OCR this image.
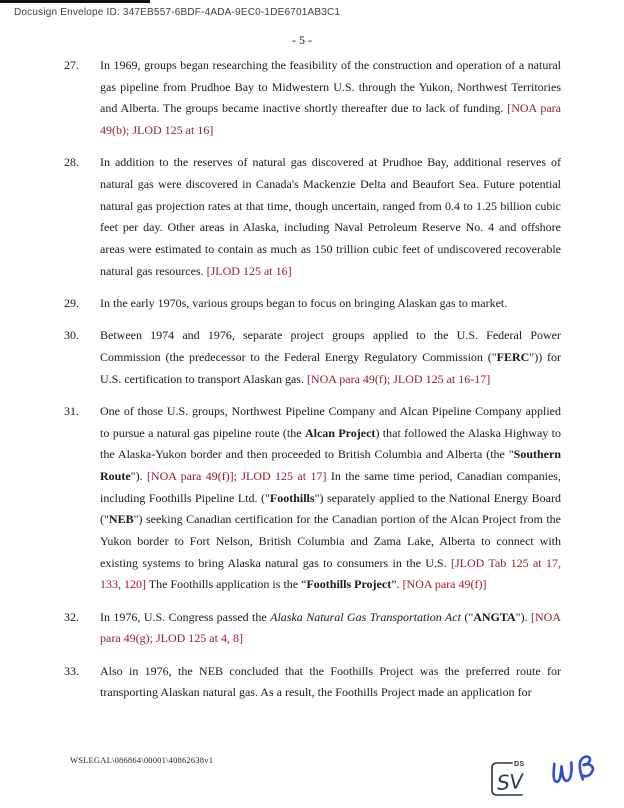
Docusign Envelope ID: 347EB557-6BDF-4ADA-9EC0-1DE6701AB3C1
- 5 -
27.	In 1969, groups began researching the feasibility of the construction and operation of a natural gas pipeline from Prudhoe Bay to Midwestern U.S. through the Yukon, Northwest Territories and Alberta. The groups became inactive shortly thereafter due to lack of funding. [NOA para 49(b); JLOD 125 at 16]
28.	In addition to the reserves of natural gas discovered at Prudhoe Bay, additional reserves of natural gas were discovered in Canada's Mackenzie Delta and Beaufort Sea. Future potential natural gas projection rates at that time, though uncertain, ranged from 0.4 to 1.25 billion cubic feet per day. Other areas in Alaska, including Naval Petroleum Reserve No. 4 and offshore areas were estimated to contain as much as 150 trillion cubic feet of undiscovered recoverable natural gas resources. [JLOD 125 at 16]
29.	In the early 1970s, various groups began to focus on bringing Alaskan gas to market.
30.	Between 1974 and 1976, separate project groups applied to the U.S. Federal Power Commission (the predecessor to the Federal Energy Regulatory Commission ("FERC")) for U.S. certification to transport Alaskan gas. [NOA para 49(f); JLOD 125 at 16-17]
31.	One of those U.S. groups, Northwest Pipeline Company and Alcan Pipeline Company applied to pursue a natural gas pipeline route (the Alcan Project) that followed the Alaska Highway to the Alaska-Yukon border and then proceeded to British Columbia and Alberta (the "Southern Route"). [NOA para 49(f)]; JLOD 125 at 17] In the same time period, Canadian companies, including Foothills Pipeline Ltd. ("Foothills") separately applied to the National Energy Board ("NEB") seeking Canadian certification for the Canadian portion of the Alcan Project from the Yukon border to Fort Nelson, British Columbia and Zama Lake, Alberta to connect with existing systems to bring Alaska natural gas to consumers in the U.S. [JLOD Tab 125 at 17, 133, 120] The Foothills application is the “Foothills Project”. [NOA para 49(f)]
32.	In 1976, U.S. Congress passed the Alaska Natural Gas Transportation Act ("ANGTA"). [NOA para 49(g); JLOD 125 at 4, 8]
33.	Also in 1976, the NEB concluded that the Foothills Project was the preferred route for transporting Alaskan natural gas. As a result, the Foothills Project made an application for
WSLEGAL\086864\00001\40862638v1	DS
SV
